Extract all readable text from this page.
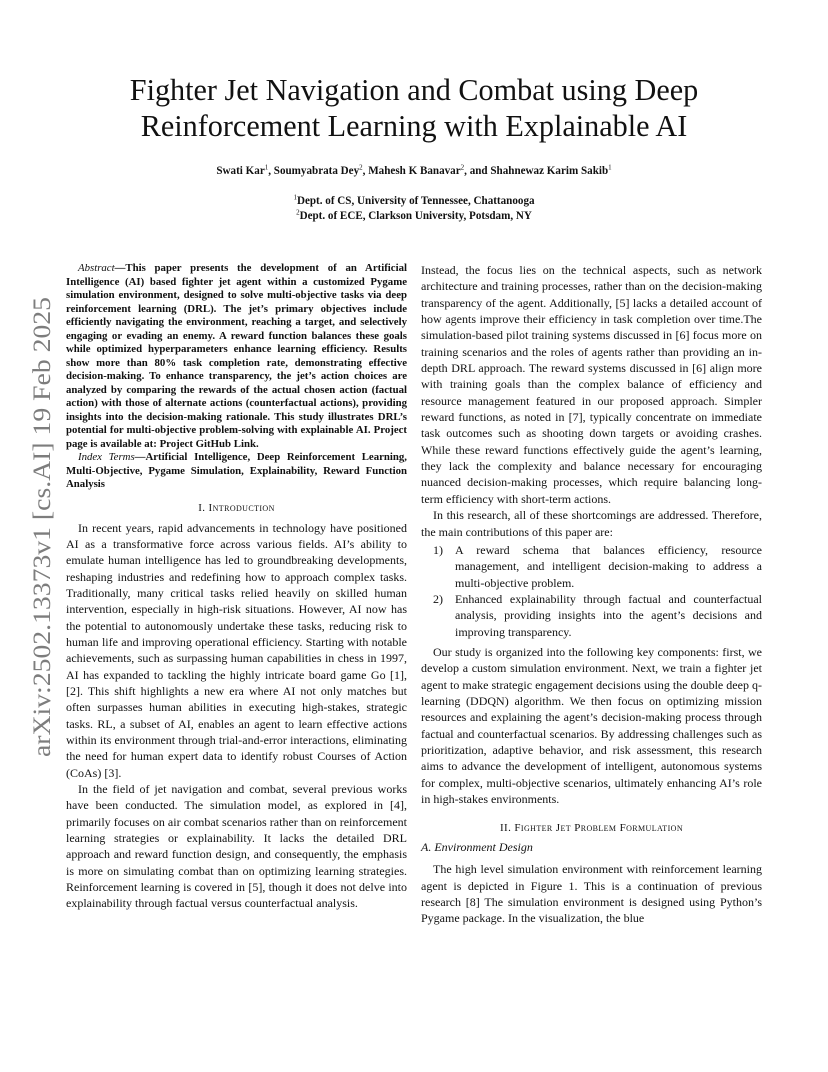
arXiv:2502.13373v1 [cs.AI] 19 Feb 2025
Fighter Jet Navigation and Combat using Deep Reinforcement Learning with Explainable AI
Swati Kar$^1$, Soumyabrata Dey$^2$, Mahesh K Banavar$^2$, and Shahnewaz Karim Sakib$^1$
$^1$Dept. of CS, University of Tennessee, Chattanooga
$^2$Dept. of ECE, Clarkson University, Potsdam, NY

Abstract—This paper presents the development of an Artificial Intelligence (AI) based fighter jet agent within a customized Pygame simulation environment, designed to solve multi-objective tasks via deep reinforcement learning (DRL). The jet’s primary objectives include efficiently navigating the environment, reaching a target, and selectively engaging or evading an enemy. A reward function balances these goals while optimized hyperparameters enhance learning efficiency. Results show more than 80% task completion rate, demonstrating effective decision-making. To enhance transparency, the jet’s action choices are analyzed by comparing the rewards of the actual chosen action (factual action) with those of alternate actions (counterfactual actions), providing insights into the decision-making rationale. This study illustrates DRL’s potential for multi-objective problem-solving with explainable AI. Project page is available at: Project GitHub Link.

Index Terms—Artificial Intelligence, Deep Reinforcement Learning, Multi-Objective, Pygame Simulation, Explainability, Reward Function Analysis

I. Introduction

In recent years, rapid advancements in technology have positioned AI as a transformative force across various fields. AI’s ability to emulate human intelligence has led to groundbreaking developments, reshaping industries and redefining how to approach complex tasks. Traditionally, many critical tasks relied heavily on skilled human intervention, especially in high-risk situations. However, AI now has the potential to autonomously undertake these tasks, reducing risk to human life and improving operational efficiency. Starting with notable achievements, such as surpassing human capabilities in chess in 1997, AI has expanded to tackling the highly intricate board game Go [1], [2]. This shift highlights a new era where AI not only matches but often surpasses human abilities in executing high-stakes, strategic tasks. RL, a subset of AI, enables an agent to learn effective actions within its environment through trial-and-error interactions, eliminating the need for human expert data to identify robust Courses of Action (CoAs) [3].

In the field of jet navigation and combat, several previous works have been conducted. The simulation model, as explored in [4], primarily focuses on air combat scenarios rather than on reinforcement learning strategies or explainability. It lacks the detailed DRL approach and reward function design, and consequently, the emphasis is more on simulating combat than on optimizing learning strategies. Reinforcement learning is covered in [5], though it does not delve into explainability through factual versus counterfactual analysis.

Instead, the focus lies on the technical aspects, such as network architecture and training processes, rather than on the decision-making transparency of the agent. Additionally, [5] lacks a detailed account of how agents improve their efficiency in task completion over time.The simulation-based pilot training systems discussed in [6] focus more on training scenarios and the roles of agents rather than providing an in-depth DRL approach. The reward systems discussed in [6] align more with training goals than the complex balance of efficiency and resource management featured in our proposed approach. Simpler reward functions, as noted in [7], typically concentrate on immediate task outcomes such as shooting down targets or avoiding crashes. While these reward functions effectively guide the agent’s learning, they lack the complexity and balance necessary for encouraging nuanced decision-making processes, which require balancing long-term efficiency with short-term actions.

In this research, all of these shortcomings are addressed. Therefore, the main contributions of this paper are:

1) A reward schema that balances efficiency, resource management, and intelligent decision-making to address a multi-objective problem.
2) Enhanced explainability through factual and counterfactual analysis, providing insights into the agent’s decisions and improving transparency.

Our study is organized into the following key components: first, we develop a custom simulation environment. Next, we train a fighter jet agent to make strategic engagement decisions using the double deep q-learning (DDQN) algorithm. We then focus on optimizing mission resources and explaining the agent’s decision-making process through factual and counterfactual scenarios. By addressing challenges such as prioritization, adaptive behavior, and risk assessment, this research aims to advance the development of intelligent, autonomous systems for complex, multi-objective scenarios, ultimately enhancing AI’s role in high-stakes environments.

II. Fighter Jet Problem Formulation
A. Environment Design

The high level simulation environment with reinforcement learning agent is depicted in Figure 1. This is a continuation of previous research [8] The simulation environment is designed using Python’s Pygame package. In the visualization, the blue
